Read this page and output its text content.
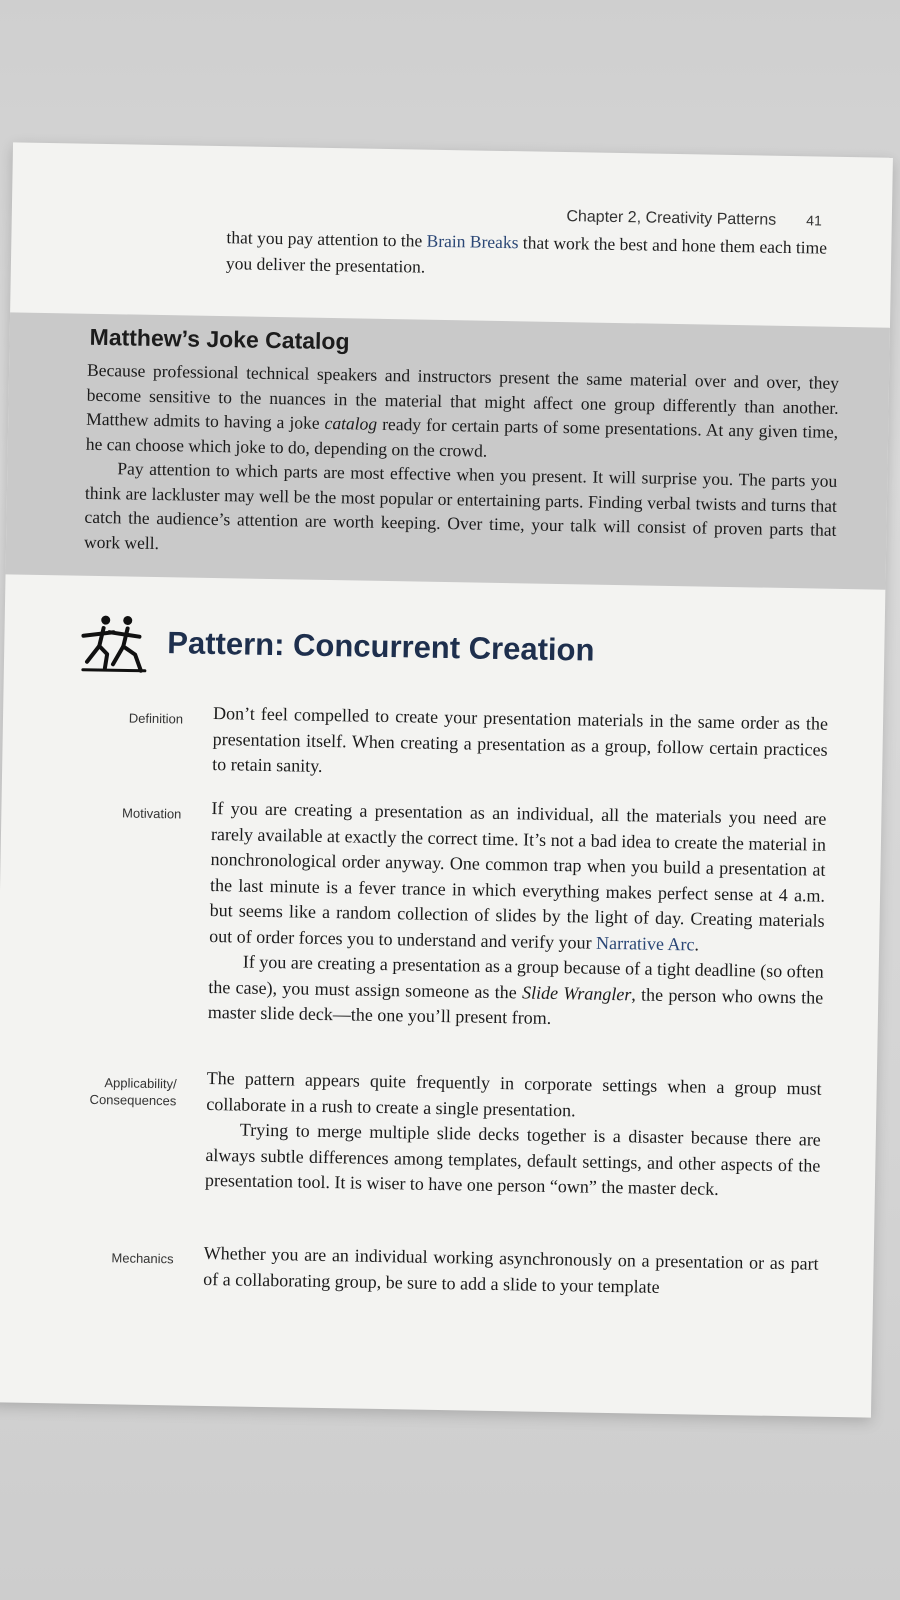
Chapter 2, Creativity Patterns 41
that you pay attention to the Brain Breaks that work the best and hone them each time you deliver the presentation.
Matthew’s Joke Catalog

Because professional technical speakers and instructors present the same material over and over, they become sensitive to the nuances in the material that might affect one group differently than another. Matthew admits to having a joke catalog ready for certain parts of some presentations. At any given time, he can choose which joke to do, depending on the crowd.

Pay attention to which parts are most effective when you present. It will surprise you. The parts you think are lackluster may well be the most popular or entertaining parts. Finding verbal twists and turns that catch the audience’s attention are worth keeping. Over time, your talk will consist of proven parts that work well.

Pattern: Concurrent Creation
Definition Don’t feel compelled to create your presentation materials in the same order as the presentation itself. When creating a presentation as a group, follow certain practices to retain sanity.
Motivation If you are creating a presentation as an individual, all the materials you need are rarely available at exactly the correct time. It’s not a bad idea to create the material in nonchronological order anyway. One common trap when you build a presentation at the last minute is a fever trance in which everything makes perfect sense at 4 a.m. but seems like a random collection of slides by the light of day. Creating materials out of order forces you to understand and verify your Narrative Arc.

If you are creating a presentation as a group because of a tight deadline (so often the case), you must assign someone as the Slide Wrangler, the person who owns the master slide deck—the one you’ll present from.

Applicability/
Consequences

The pattern appears quite frequently in corporate settings when a group must collaborate in a rush to create a single presentation.

Trying to merge multiple slide decks together is a disaster because there are always subtle differences among templates, default settings, and other aspects of the presentation tool. It is wiser to have one person “own” the master deck.

Mechanics Whether you are an individual working asynchronously on a presentation or as part of a collaborating group, be sure to add a slide to your template
